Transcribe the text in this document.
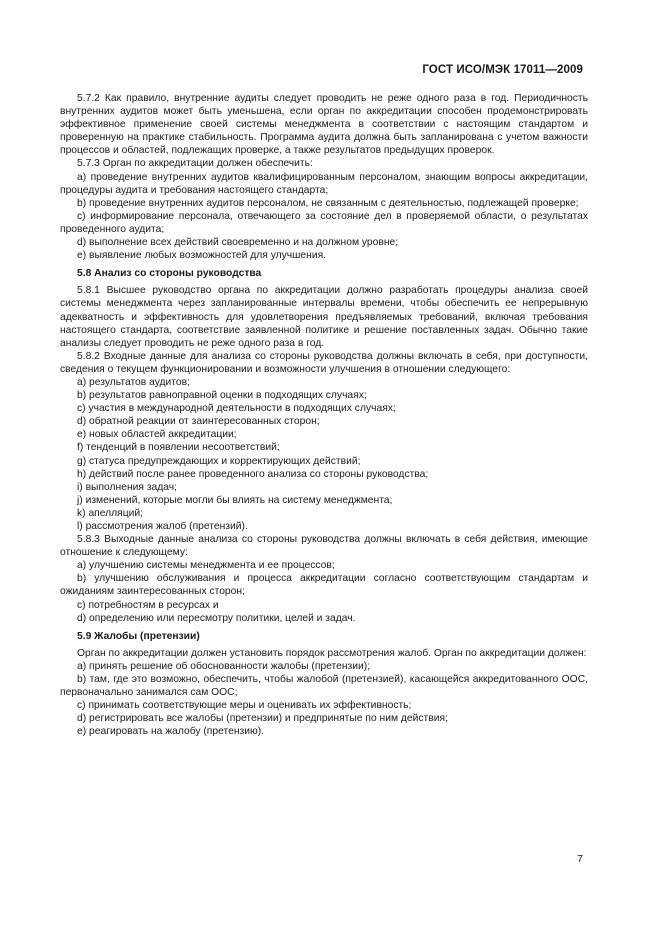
ГОСТ ИСО/МЭК 17011—2009

5.7.2 Как правило, внутренние аудиты следует проводить не реже одного раза в год. Периодичность внутренних аудитов может быть уменьшена, если орган по аккредитации способен продемонстрировать эффективное применение своей системы менеджмента в соответствии с настоящим стандартом и проверенную на практике стабильность. Программа аудита должна быть запланирована с учетом важности процессов и областей, подлежащих проверке, а также результатов предыдущих проверок.

5.7.3 Орган по аккредитации должен обеспечить:

a) проведение внутренних аудитов квалифицированным персоналом, знающим вопросы аккредитации, процедуры аудита и требования настоящего стандарта;

b) проведение внутренних аудитов персоналом, не связанным с деятельностью, подлежащей проверке;

c) информирование персонала, отвечающего за состояние дел в проверяемой области, о результатах проведенного аудита;

d) выполнение всех действий своевременно и на должном уровне;

e) выявление любых возможностей для улучшения.

5.8 Анализ со стороны руководства

5.8.1 Высшее руководство органа по аккредитации должно разработать процедуры анализа своей системы менеджмента через запланированные интервалы времени, чтобы обеспечить ее непрерывную адекватность и эффективность для удовлетворения предъявляемых требований, включая требования настоящего стандарта, соответствие заявленной политике и решение поставленных задач. Обычно такие анализы следует проводить не реже одного раза в год.

5.8.2 Входные данные для анализа со стороны руководства должны включать в себя, при доступности, сведения о текущем функционировании и возможности улучшения в отношении следующего:

a) результатов аудитов;

b) результатов равноправной оценки в подходящих случаях;

c) участия в международной деятельности в подходящих случаях;

d) обратной реакции от заинтересованных сторон;

e) новых областей аккредитации;

f) тенденций в появлении несоответствий;

g) статуса предупреждающих и корректирующих действий;

h) действий после ранее проведенного анализа со стороны руководства;

i) выполнения задач;

j) изменений, которые могли бы влиять на систему менеджмента;

k) апелляций;

l) рассмотрения жалоб (претензий).

5.8.3 Выходные данные анализа со стороны руководства должны включать в себя действия, имеющие отношение к следующему:

a) улучшению системы менеджмента и ее процессов;

b) улучшению обслуживания и процесса аккредитации согласно соответствующим стандартам и ожиданиям заинтересованных сторон;

c) потребностям в ресурсах и

d) определению или пересмотру политики, целей и задач.

5.9 Жалобы (претензии)

Орган по аккредитации должен установить порядок рассмотрения жалоб. Орган по аккредитации должен:

a) принять решение об обоснованности жалобы (претензии);

b) там, где это возможно, обеспечить, чтобы жалобой (претензией), касающейся аккредитованного ООС, первоначально занимался сам ООС;

c) принимать соответствующие меры и оценивать их эффективность;

d) регистрировать все жалобы (претензии) и предпринятые по ним действия;

e) реагировать на жалобу (претензию).

7
